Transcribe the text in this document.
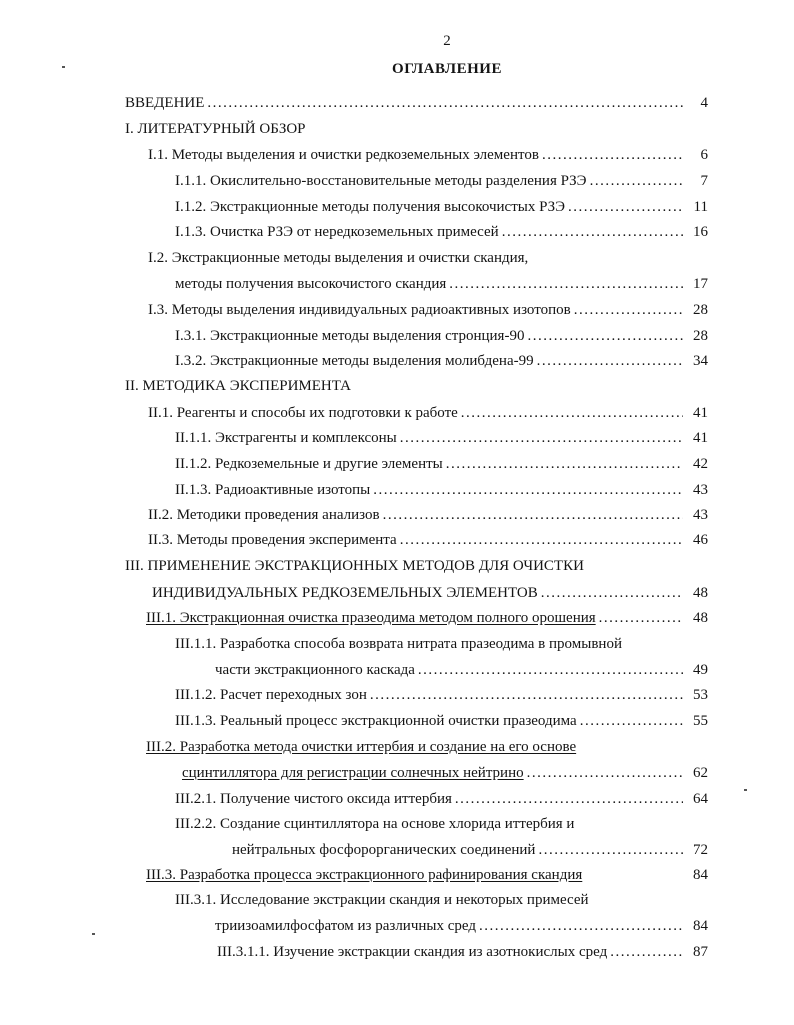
2
ОГЛАВЛЕНИЕ
ВВЕДЕНИЕ .....	4
I. ЛИТЕРАТУРНЫЙ ОБЗОР
I.1. Методы выделения и очистки редкоземельных элементов .....	6
I.1.1. Окислительно-восстановительные методы разделения РЗЭ .....	7
I.1.2. Экстракционные методы получения высокочистых РЗЭ .....	11
I.1.3. Очистка РЗЭ от нередкоземельных примесей .....	16
I.2. Экстракционные методы выделения и очистки скандия,
методы получения высокочистого скандия .....	17
I.3. Методы выделения индивидуальных радиоактивных изотопов .....	28
I.3.1. Экстракционные методы выделения стронция-90 .....	28
I.3.2. Экстракционные методы выделения молибдена-99 .....	34
II. МЕТОДИКА ЭКСПЕРИМЕНТА
II.1. Реагенты и способы их подготовки к работе .....	41
II.1.1. Экстрагенты и комплексоны .....	41
II.1.2. Редкоземельные и другие элементы .....	42
II.1.3. Радиоактивные изотопы .....	43
II.2. Методики проведения анализов .....	43
II.3. Методы проведения эксперимента .....	46
III. ПРИМЕНЕНИЕ ЭКСТРАКЦИОННЫХ МЕТОДОВ ДЛЯ ОЧИСТКИ
ИНДИВИДУАЛЬНЫХ РЕДКОЗЕМЕЛЬНЫХ ЭЛЕМЕНТОВ .....	48
III.1. Экстракционная очистка празеодима методом полного орошения .....	48
III.1.1. Разработка способа возврата нитрата празеодима в промывной
части экстракционного каскада .....	49
III.1.2. Расчет переходных зон .....	53
III.1.3. Реальный процесс экстракционной очистки празеодима .....	55
III.2. Разработка метода очистки иттербия и создание на его основе
сцинтиллятора для регистрации солнечных нейтрино .....	62
III.2.1. Получение чистого оксида иттербия .....	64
III.2.2. Создание сцинтиллятора на основе хлорида иттербия и
нейтральных фосфорорганических соединений .....	72
III.3. Разработка процесса экстракционного рафинирования скандия	84
III.3.1. Исследование экстракции скандия и некоторых примесей
триизоамилфосфатом из различных сред .....	84
III.3.1.1. Изучение экстракции скандия из азотнокислых сред .....	87
